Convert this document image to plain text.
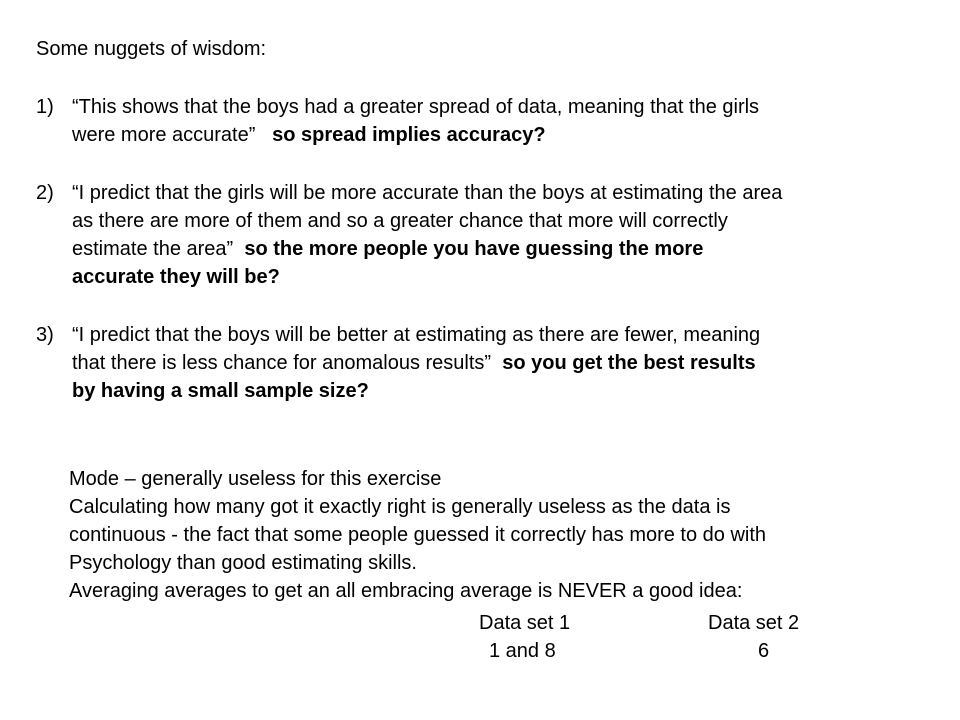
Some nuggets of wisdom:
1) “This shows that the boys had a greater spread of data, meaning that the girls
were more accurate” so spread implies accuracy?
2) “I predict that the girls will be more accurate than the boys at estimating the area
as there are more of them and so a greater chance that more will correctly
estimate the area” so the more people you have guessing the more
accurate they will be?
3) “I predict that the boys will be better at estimating as there are fewer, meaning
that there is less chance for anomalous results” so you get the best results
by having a small sample size?
Mode – generally useless for this exercise
Calculating how many got it exactly right is generally useless as the data is
continuous - the fact that some people guessed it correctly has more to do with
Psychology than good estimating skills.
Averaging averages to get an all embracing average is NEVER a good idea:
Data set 1	Data set 2
1 and 8	6
